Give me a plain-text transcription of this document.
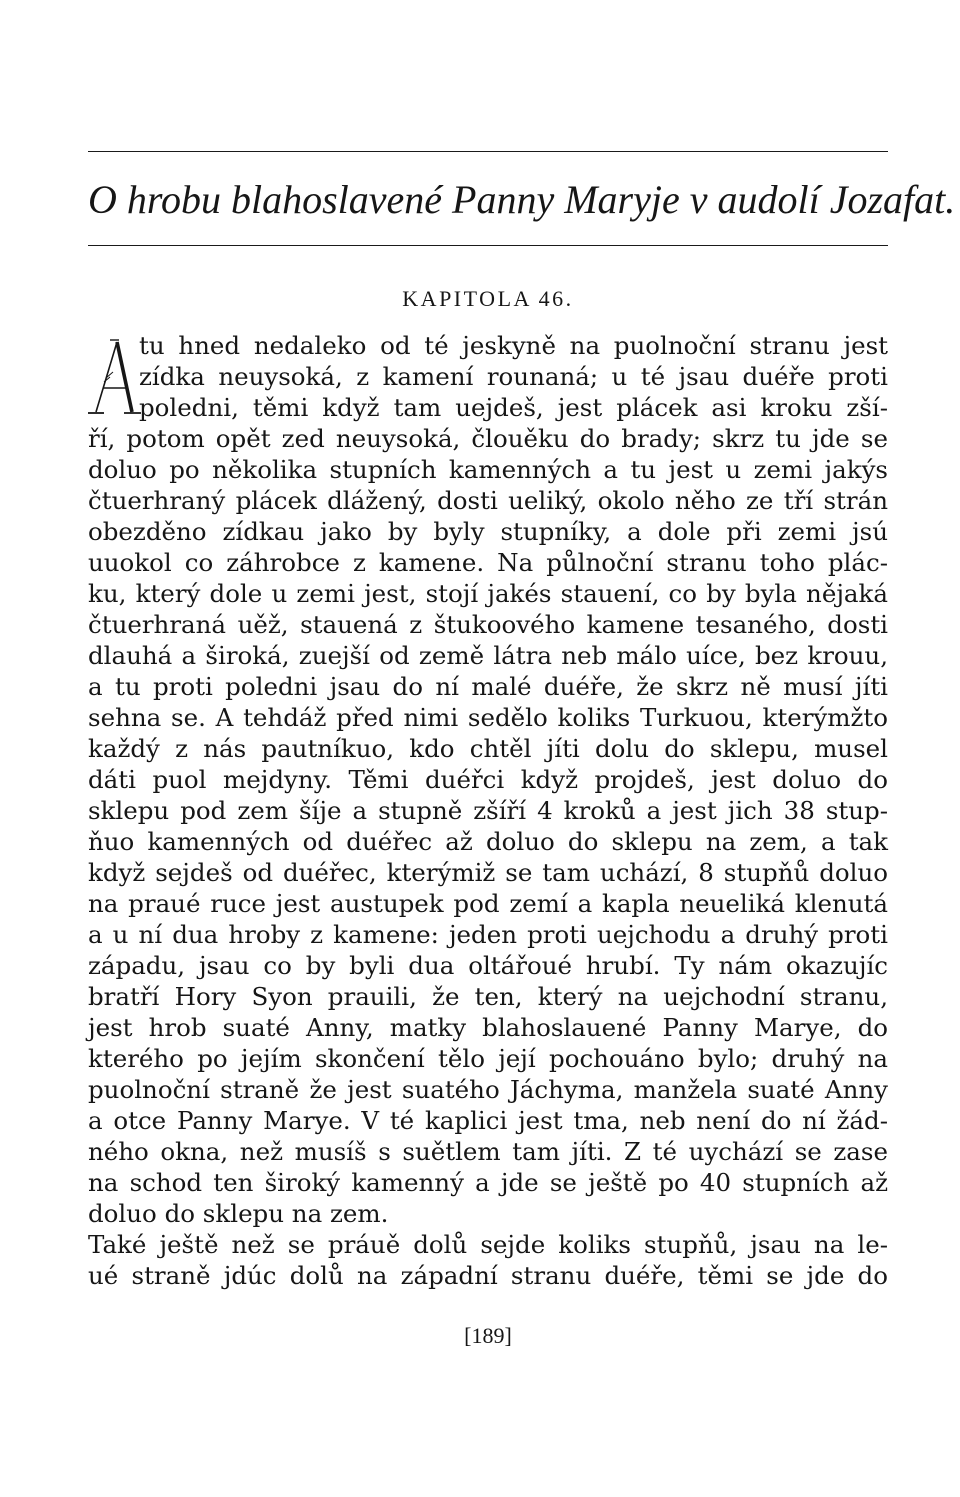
O hrobu blahoslavené Panny Maryje v audolí Jozafat.
KAPITOLA 46.
tu hned nedaleko od té jeskyně na puolnoční stranu jest
zídka neuysoká, z kamení rounaná; u té jsau duéře proti
poledni, těmi když tam uejdeš, jest plácek asi kroku zší-
ří, potom opět zed neuysoká, člouěku do brady; skrz tu jde se
doluo po několika stupních kamenných a tu jest u zemi jakýs
čtuerhraný plácek dlážený, dosti ueliký, okolo něho ze tří strán
obezděno zídkau jako by byly stupníky, a dole při zemi jsú
uuokol co záhrobce z kamene. Na půlnoční stranu toho plác-
ku, který dole u zemi jest, stojí jakés stauení, co by byla nějaká
čtuerhraná uěž, stauená z štukoového kamene tesaného, dosti
dlauhá a široká, zuejší od země látra neb málo uíce, bez krouu,
a tu proti poledni jsau do ní malé duéře, že skrz ně musí jíti
sehna se. A tehdáž před nimi sedělo koliks Turkuou, kterýmžto
každý z nás pautníkuo, kdo chtěl jíti dolu do sklepu, musel
dáti puol mejdyny. Těmi duéřci když projdeš, jest doluo do
sklepu pod zem šíje a stupně zšíří 4 kroků a jest jich 38 stup-
ňuo kamenných od duéřec až doluo do sklepu na zem, a tak
když sejdeš od duéřec, kterýmiž se tam uchází, 8 stupňů doluo
na praué ruce jest austupek pod zemí a kapla neueliká klenutá
a u ní dua hroby z kamene: jeden proti uejchodu a druhý proti
západu, jsau co by byli dua oltářoué hrubí. Ty nám okazujíc
bratří Hory Syon prauili, že ten, který na uejchodní stranu,
jest hrob suaté Anny, matky blahoslauené Panny Marye, do
kterého po jejím skončení tělo její pochouáno bylo; druhý na
puolnoční straně že jest suatého Jáchyma, manžela suaté Anny
a otce Panny Marye. V té kaplici jest tma, neb není do ní žád-
ného okna, než musíš s suětlem tam jíti. Z té uychází se zase
na schod ten široký kamenný a jde se ještě po 40 stupních až
doluo do sklepu na zem.
Také ještě než se práuě dolů sejde koliks stupňů, jsau na le-
ué straně jdúc dolů na západní stranu duéře, těmi se jde do
[189]
